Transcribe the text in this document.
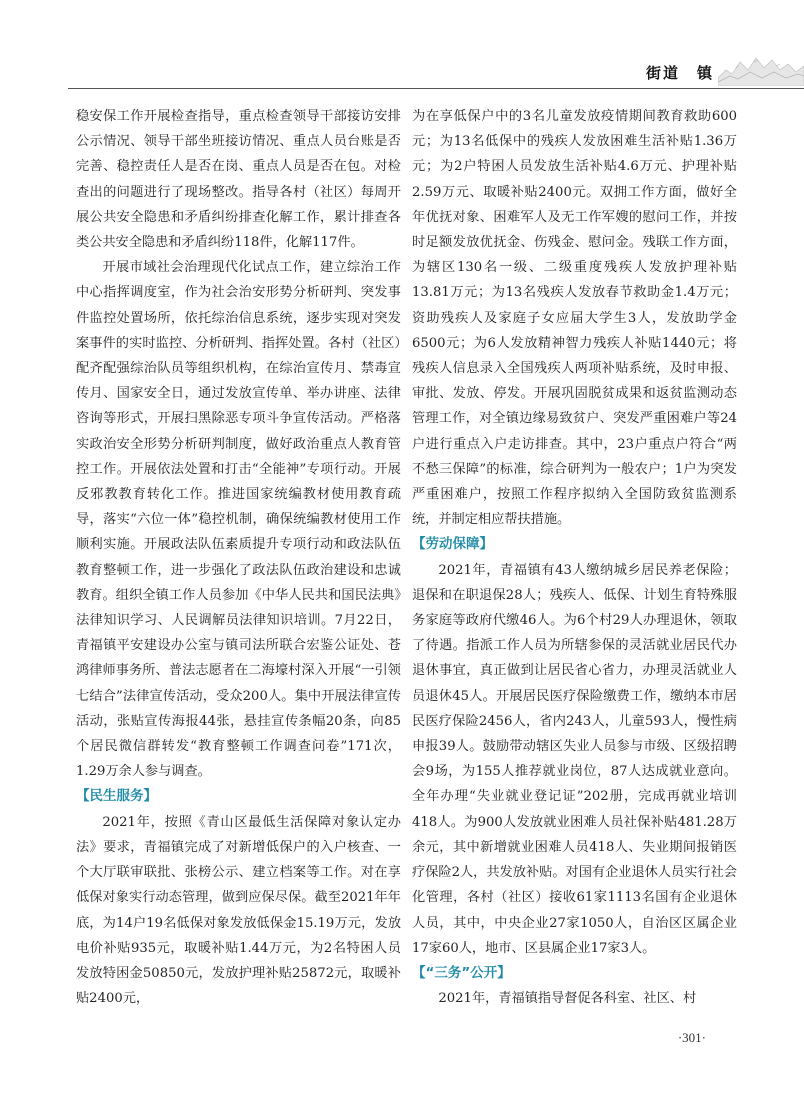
街道　镇

稳安保工作开展检查指导，重点检查领导干部接访安排公示情况、领导干部坐班接访情况、重点人员台账是否完善、稳控责任人是否在岗、重点人员是否在包。对检查出的问题进行了现场整改。指导各村（社区）每周开展公共安全隐患和矛盾纠纷排查化解工作，累计排查各类公共安全隐患和矛盾纠纷118件，化解117件。

开展市域社会治理现代化试点工作，建立综治工作中心指挥调度室，作为社会治安形势分析研判、突发事件监控处置场所，依托综治信息系统，逐步实现对突发案事件的实时监控、分析研判、指挥处置。各村（社区）配齐配强综治队员等组织机构，在综治宣传月、禁毒宣传月、国家安全日，通过发放宣传单、举办讲座、法律咨询等形式，开展扫黑除恶专项斗争宣传活动。严格落实政治安全形势分析研判制度，做好政治重点人教育管控工作。开展依法处置和打击“全能神”专项行动。开展反邪教教育转化工作。推进国家统编教材使用教育疏导，落实“六位一体”稳控机制，确保统编教材使用工作顺利实施。开展政法队伍素质提升专项行动和政法队伍教育整顿工作，进一步强化了政法队伍政治建设和忠诚教育。组织全镇工作人员参加《中华人民共和国民法典》法律知识学习、人民调解员法律知识培训。7月22日，青福镇平安建设办公室与镇司法所联合宏鉴公证处、苍鸿律师事务所、普法志愿者在二海壕村深入开展“一引领七结合”法律宣传活动，受众200人。集中开展法律宣传活动，张贴宣传海报44张，悬挂宣传条幅20条，向85个居民微信群转发“教育整顿工作调查问卷”171次，1.29万余人参与调查。

【民生服务】

2021年，按照《青山区最低生活保障对象认定办法》要求，青福镇完成了对新增低保户的入户核查、一个大厅联审联批、张榜公示、建立档案等工作。对在享低保对象实行动态管理，做到应保尽保。截至2021年年底，为14户19名低保对象发放低保金15.19万元，发放电价补贴935元，取暖补贴1.44万元，为2名特困人员发放特困金50850元，发放护理补贴25872元，取暖补贴2400元，

为在享低保户中的3名儿童发放疫情期间教育救助600元；为13名低保中的残疾人发放困难生活补贴1.36万元；为2户特困人员发放生活补贴4.6万元、护理补贴2.59万元、取暖补贴2400元。双拥工作方面，做好全年优抚对象、困难军人及无工作军嫂的慰问工作，并按时足额发放优抚金、伤残金、慰问金。残联工作方面，为辖区130名一级、二级重度残疾人发放护理补贴13.81万元；为13名残疾人发放春节救助金1.4万元；资助残疾人及家庭子女应届大学生3人，发放助学金6500元；为6人发放精神智力残疾人补贴1440元；将残疾人信息录入全国残疾人两项补贴系统，及时申报、审批、发放、停发。开展巩固脱贫成果和返贫监测动态管理工作，对全镇边缘易致贫户、突发严重困难户等24户进行重点入户走访排查。其中，23户重点户符合“两不愁三保障”的标准，综合研判为一般农户；1户为突发严重困难户，按照工作程序拟纳入全国防致贫监测系统，并制定相应帮扶措施。

【劳动保障】

2021年，青福镇有43人缴纳城乡居民养老保险；退保和在职退保28人；残疾人、低保、计划生育特殊服务家庭等政府代缴46人。为6个村29人办理退休，领取了待遇。指派工作人员为所辖参保的灵活就业居民代办退休事宜，真正做到让居民省心省力，办理灵活就业人员退休45人。开展居民医疗保险缴费工作，缴纳本市居民医疗保险2456人，省内243人，儿童593人，慢性病申报39人。鼓励带动辖区失业人员参与市级、区级招聘会9场，为155人推荐就业岗位，87人达成就业意向。全年办理“失业就业登记证”202册，完成再就业培训418人。为900人发放就业困难人员社保补贴481.28万余元，其中新增就业困难人员418人、失业期间报销医疗保险2人，共发放补贴。对国有企业退休人员实行社会化管理，各村（社区）接收61家1113名国有企业退休人员，其中，中央企业27家1050人，自治区区属企业17家60人，地市、区县属企业17家3人。

【“三务”公开】

2021年，青福镇指导督促各科室、社区、村

·301·
